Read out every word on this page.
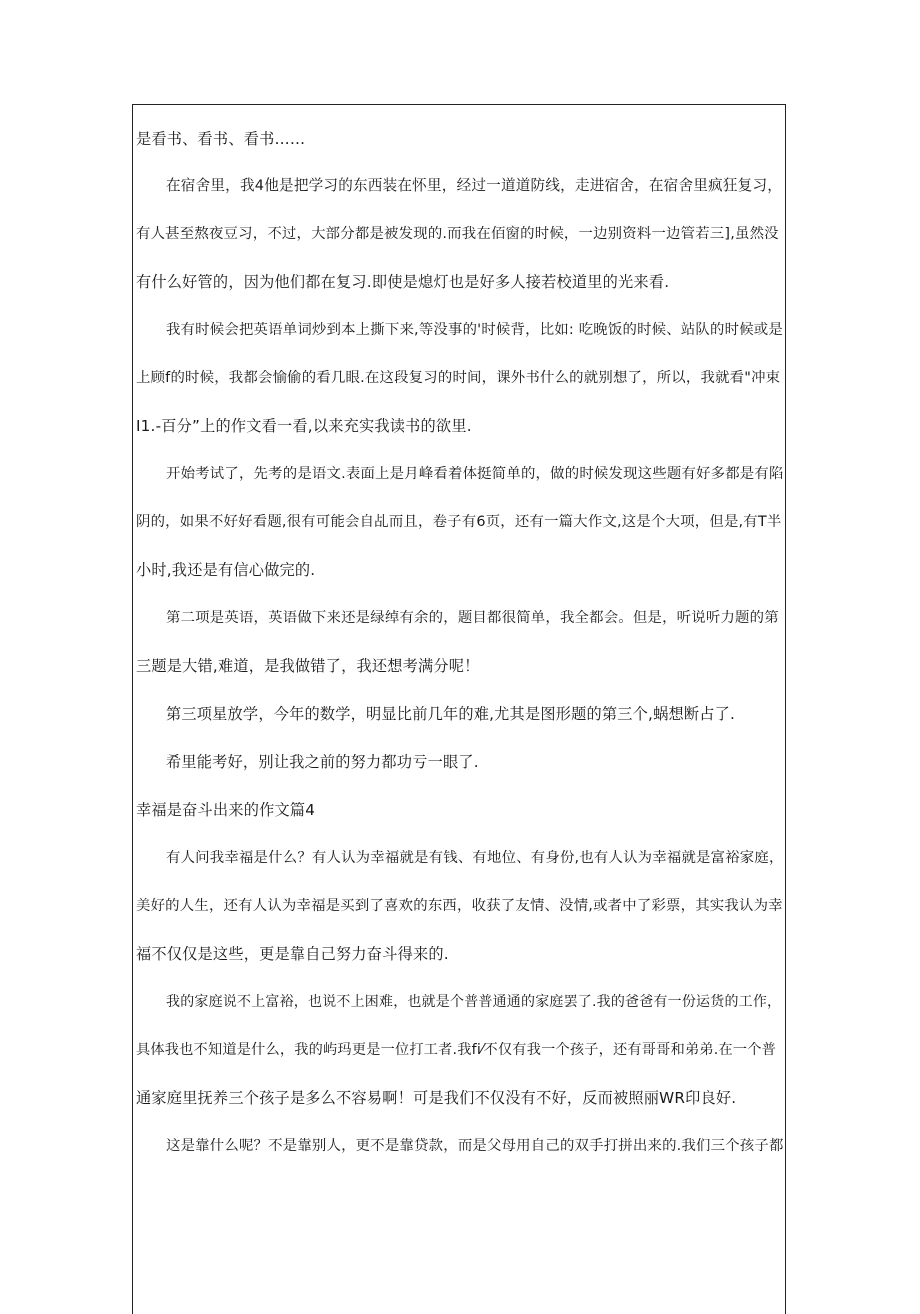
是看书、看书、看书……
在宿舍里，我4他是把学习的东西装在怀里，经过一道道防线，走进宿舍，在宿舍里疯狂复习，
有人甚至熬夜豆习，不过，大部分都是被发现的.而我在佰窗的时候，一边别资料一边管若三],虽然没
有什么好管的，因为他们都在复习.即使是熄灯也是好多人接若校道里的光来看.
我有时候会把英语单词炒到本上撕下来,等没事的'时候背，比如: 吃晚饭的时候、站队的时候或是
上顾f的时候，我都会愉偷的看几眼.在这段复习的时间，课外书什么的就别想了，所以，我就看"冲束
I1.-百分”上的作文看一看,以来充实我读书的欲里.
开始考试了，先考的是语文.表面上是月峰看着体挺简单的，做的时候发现这些题有好多都是有陷
阴的，如果不好好看题,很有可能会自乩而且，卷子有6页，还有一篇大作文,这是个大项，但是,有T半
小时,我还是有信心做完的.
第二项是英语，英语做下来还是绿绰有余的，题目都很简单，我全都会。但是，听说听力题的第
三题是大错,难道，是我做错了，我还想考满分呢！
第三项星放学，今年的数学，明显比前几年的难,尤其是图形题的第三个,蜗想断占了.
希里能考好，别让我之前的努力都功亏一眼了.
幸福是奋斗出来的作文篇4
有人问我幸福是什么？有人认为幸福就是有钱、有地位、有身份,也有人认为幸福就是富裕家庭，
美好的人生，还有人认为幸福是买到了喜欢的东西，收获了友情、没情,或者中了彩票，其实我认为幸
福不仅仅是这些，更是靠自己努力奋斗得来的.
我的家庭说不上富裕，也说不上困难，也就是个普普通通的家庭罢了.我的爸爸有一份运货的工作，
具体我也不知道是什么，我的屿玛更是一位打工者.我fi⁄不仅有我一个孩子，还有哥哥和弟弟.在一个普
通家庭里抚养三个孩子是多么不容易啊！可是我们不仅没有不好，反而被照丽WR印良好.
这是靠什么呢？不是靠别人，更不是靠贷款，而是父母用自己的双手打拼出来的.我们三个孩子都
